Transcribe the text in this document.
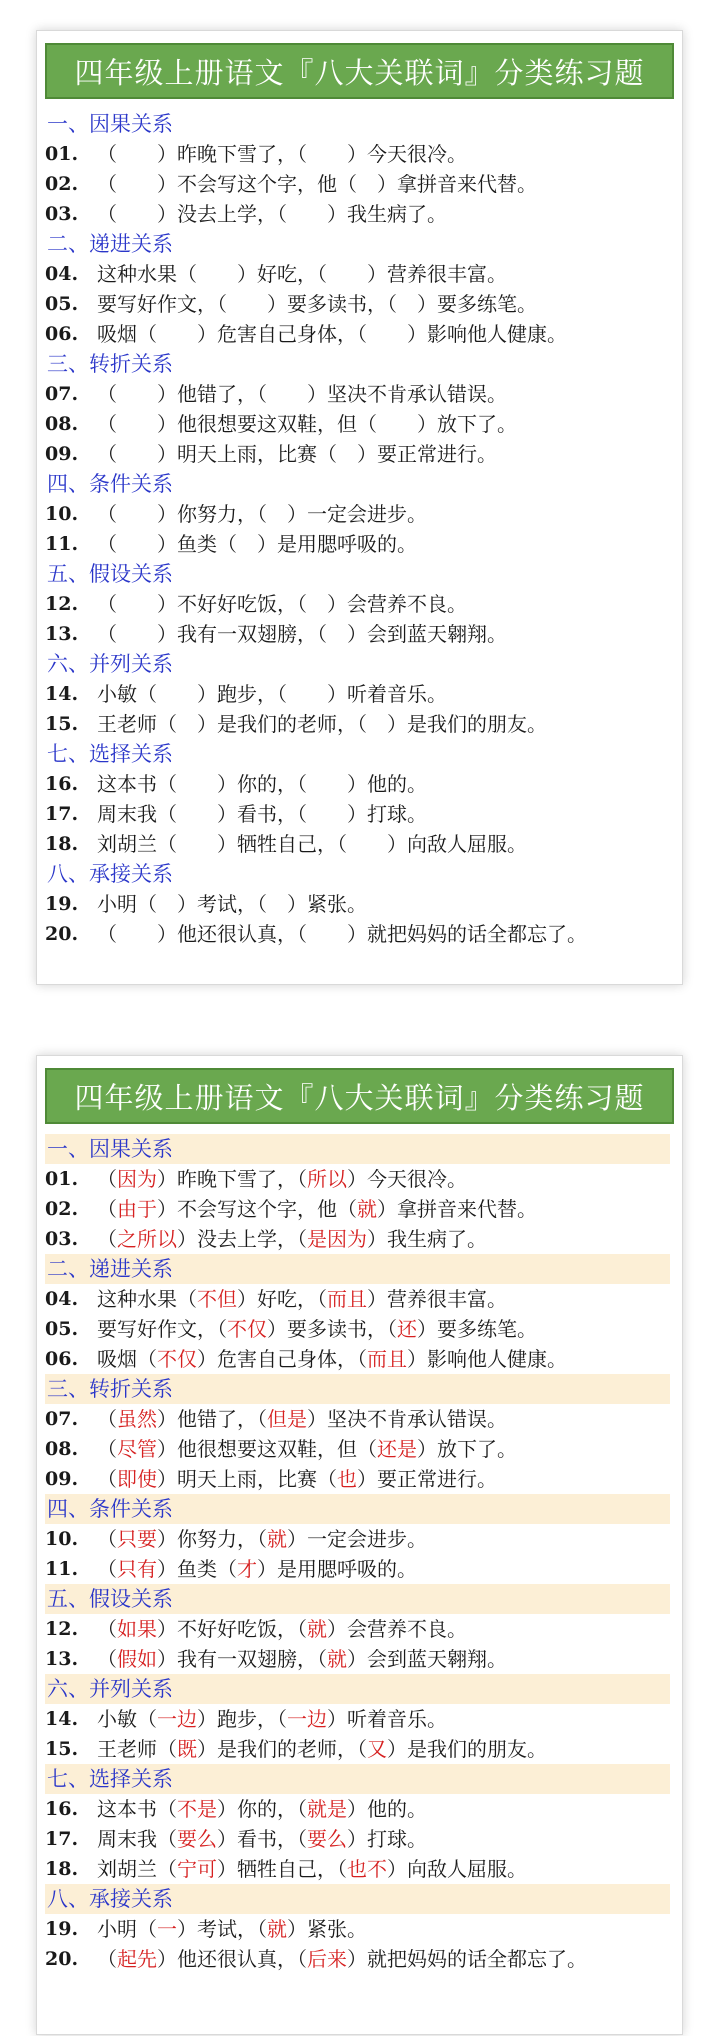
四年级上册语文『八大关联词』分类练习题
一、因果关系
01. （　　）昨晚下雪了，（　　）今天很冷。
02. （　　）不会写这个字，他（　）拿拼音来代替。
03. （　　）没去上学，（　　）我生病了。
二、递进关系
04. 这种水果（　　）好吃，（　　）营养很丰富。
05. 要写好作文，（　　）要多读书，（　）要多练笔。
06. 吸烟（　　）危害自己身体，（　　）影响他人健康。
三、转折关系
07. （　　）他错了，（　　）坚决不肯承认错误。
08. （　　）他很想要这双鞋，但（　　）放下了。
09. （　　）明天上雨，比赛（　）要正常进行。
四、条件关系
10. （　　）你努力，（　）一定会进步。
11. （　　）鱼类（　）是用腮呼吸的。
五、假设关系
12. （　　）不好好吃饭，（　）会营养不良。
13. （　　）我有一双翅膀，（　）会到蓝天翱翔。
六、并列关系
14. 小敏（　　）跑步，（　　）听着音乐。
15. 王老师（　）是我们的老师，（　）是我们的朋友。
七、选择关系
16. 这本书（　　）你的，（　　）他的。
17. 周末我（　　）看书，（　　）打球。
18. 刘胡兰（　　）牺牲自己，（　　）向敌人屈服。
八、承接关系
19. 小明（　）考试，（　）紧张。
20. （　　）他还很认真，（　　）就把妈妈的话全都忘了。
四年级上册语文『八大关联词』分类练习题
一、因果关系
01. （因为）昨晚下雪了，（所以）今天很冷。
02. （由于）不会写这个字，他（就）拿拼音来代替。
03. （之所以）没去上学，（是因为）我生病了。
二、递进关系
04. 这种水果（不但）好吃，（而且）营养很丰富。
05. 要写好作文，（不仅）要多读书，（还）要多练笔。
06. 吸烟（不仅）危害自己身体，（而且）影响他人健康。
三、转折关系
07. （虽然）他错了，（但是）坚决不肯承认错误。
08. （尽管）他很想要这双鞋，但（还是）放下了。
09. （即使）明天上雨，比赛（也）要正常进行。
四、条件关系
10. （只要）你努力，（就）一定会进步。
11. （只有）鱼类（才）是用腮呼吸的。
五、假设关系
12. （如果）不好好吃饭，（就）会营养不良。
13. （假如）我有一双翅膀，（就）会到蓝天翱翔。
六、并列关系
14. 小敏（一边）跑步，（一边）听着音乐。
15. 王老师（既）是我们的老师，（又）是我们的朋友。
七、选择关系
16. 这本书（不是）你的，（就是）他的。
17. 周末我（要么）看书，（要么）打球。
18. 刘胡兰（宁可）牺牲自己，（也不）向敌人屈服。
八、承接关系
19. 小明（一）考试，（就）紧张。
20. （起先）他还很认真，（后来）就把妈妈的话全都忘了。
